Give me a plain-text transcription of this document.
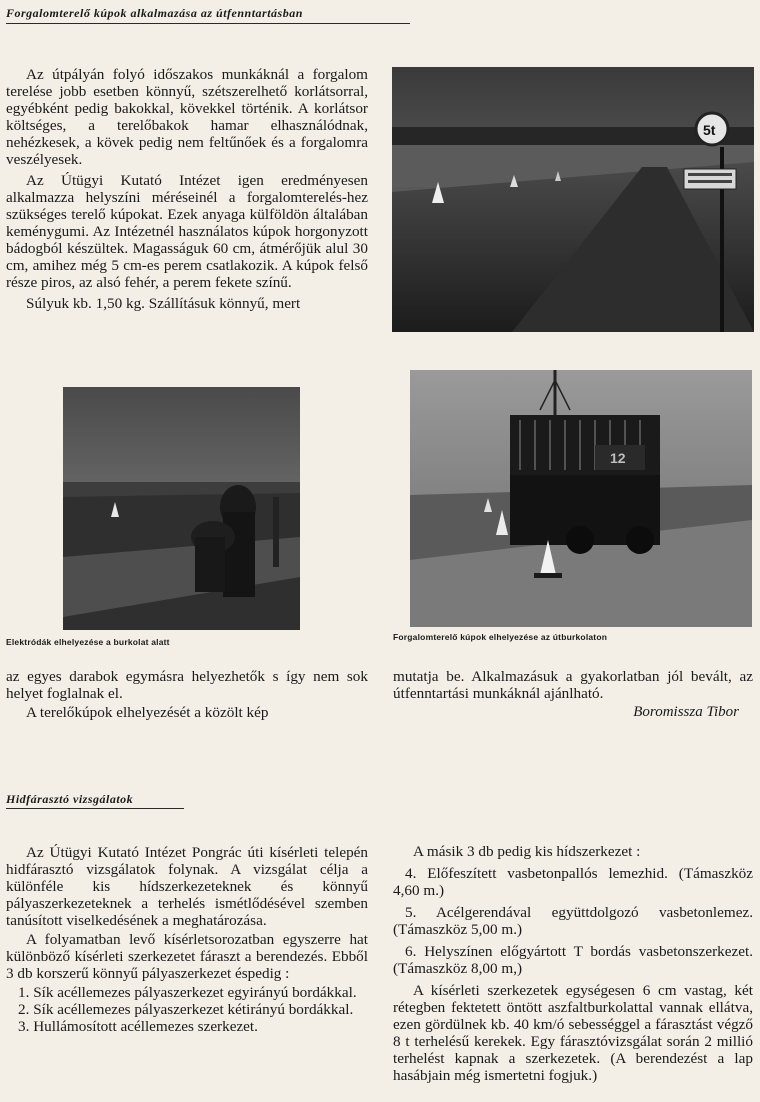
Forgalomterelő kúpok alkalmazása az útfenntartásban

Az útpályán folyó időszakos munkáknál a forgalom terelése jobb esetben könnyű, szétszerelhető korlátsorral, egyébként pedig bakokkal, kövekkel történik. A korlátsor költséges, a terelőbakok hamar elhasználódnak, nehézkesek, a kövek pedig nem feltűnőek és a forgalomra veszélyesek.

Az Útügyi Kutató Intézet igen eredményesen alkalmazza helyszíni méréseinél a forgalomterelés-hez szükséges terelő kúpokat. Ezek anyaga külföldön általában keménygumi. Az Intézetnél használatos kúpok horgonyzott bádogból készültek. Magasságuk 60 cm, átmérőjük alul 30 cm, amihez még 5 cm-es perem csatlakozik. A kúpok felső része piros, az alsó fehér, a perem fekete színű.

Súlyuk kb. 1,50 kg. Szállításuk könnyű, mert

5t
12
Elektródák elhelyezése a burkolat alatt	Forgalomterelő kúpok elhelyezése az útburkolaton

az egyes darabok egymásra helyezhetők s így nem sok helyet foglalnak el.

A terelőkúpok elhelyezését a közölt kép

mutatja be. Alkalmazásuk a gyakorlatban jól bevált, az útfenntartási munkáknál ajánlható.

Boromissza Tibor
Hidfárasztó vizsgálatok

Az Útügyi Kutató Intézet Pongrác úti kísérleti telepén hidfárasztó vizsgálatok folynak. A vizsgálat célja a különféle kis hídszerkezeteknek és könnyű pályaszerkezeteknek a terhelés ismétlődésével szemben tanúsított viselkedésének a meghatározása.

A folyamatban levő kísérletsorozatban egyszerre hat különböző kísérleti szerkezetet fáraszt a berendezés. Ebből 3 db korszerű könnyű pályaszerkezet éspedig :

1. Sík acéllemezes pályaszerkezet egyirányú bordákkal.

2. Sík acéllemezes pályaszerkezet kétirányú bordákkal.

3. Hullámosított acéllemezes szerkezet.

A másik 3 db pedig kis hídszerkezet :

4. Előfeszített vasbetonpallós lemezhid. (Támaszköz 4,60 m.)

5. Acélgerendával együttdolgozó vasbetonlemez. (Támaszköz 5,00 m.)

6. Helyszínen előgyártott T bordás vasbetonszerkezet. (Támaszköz 8,00 m,)

A kísérleti szerkezetek egységesen 6 cm vastag, két rétegben fektetett öntött aszfaltburkolattal vannak ellátva, ezen gördülnek kb. 40 km/ó sebességgel a fárasztást végző 8 t terhelésű kerekek. Egy fárasztóvizsgálat során 2 millió terhelést kapnak a szerkezetek. (A berendezést a lap hasábjain még ismertetni fogjuk.)
